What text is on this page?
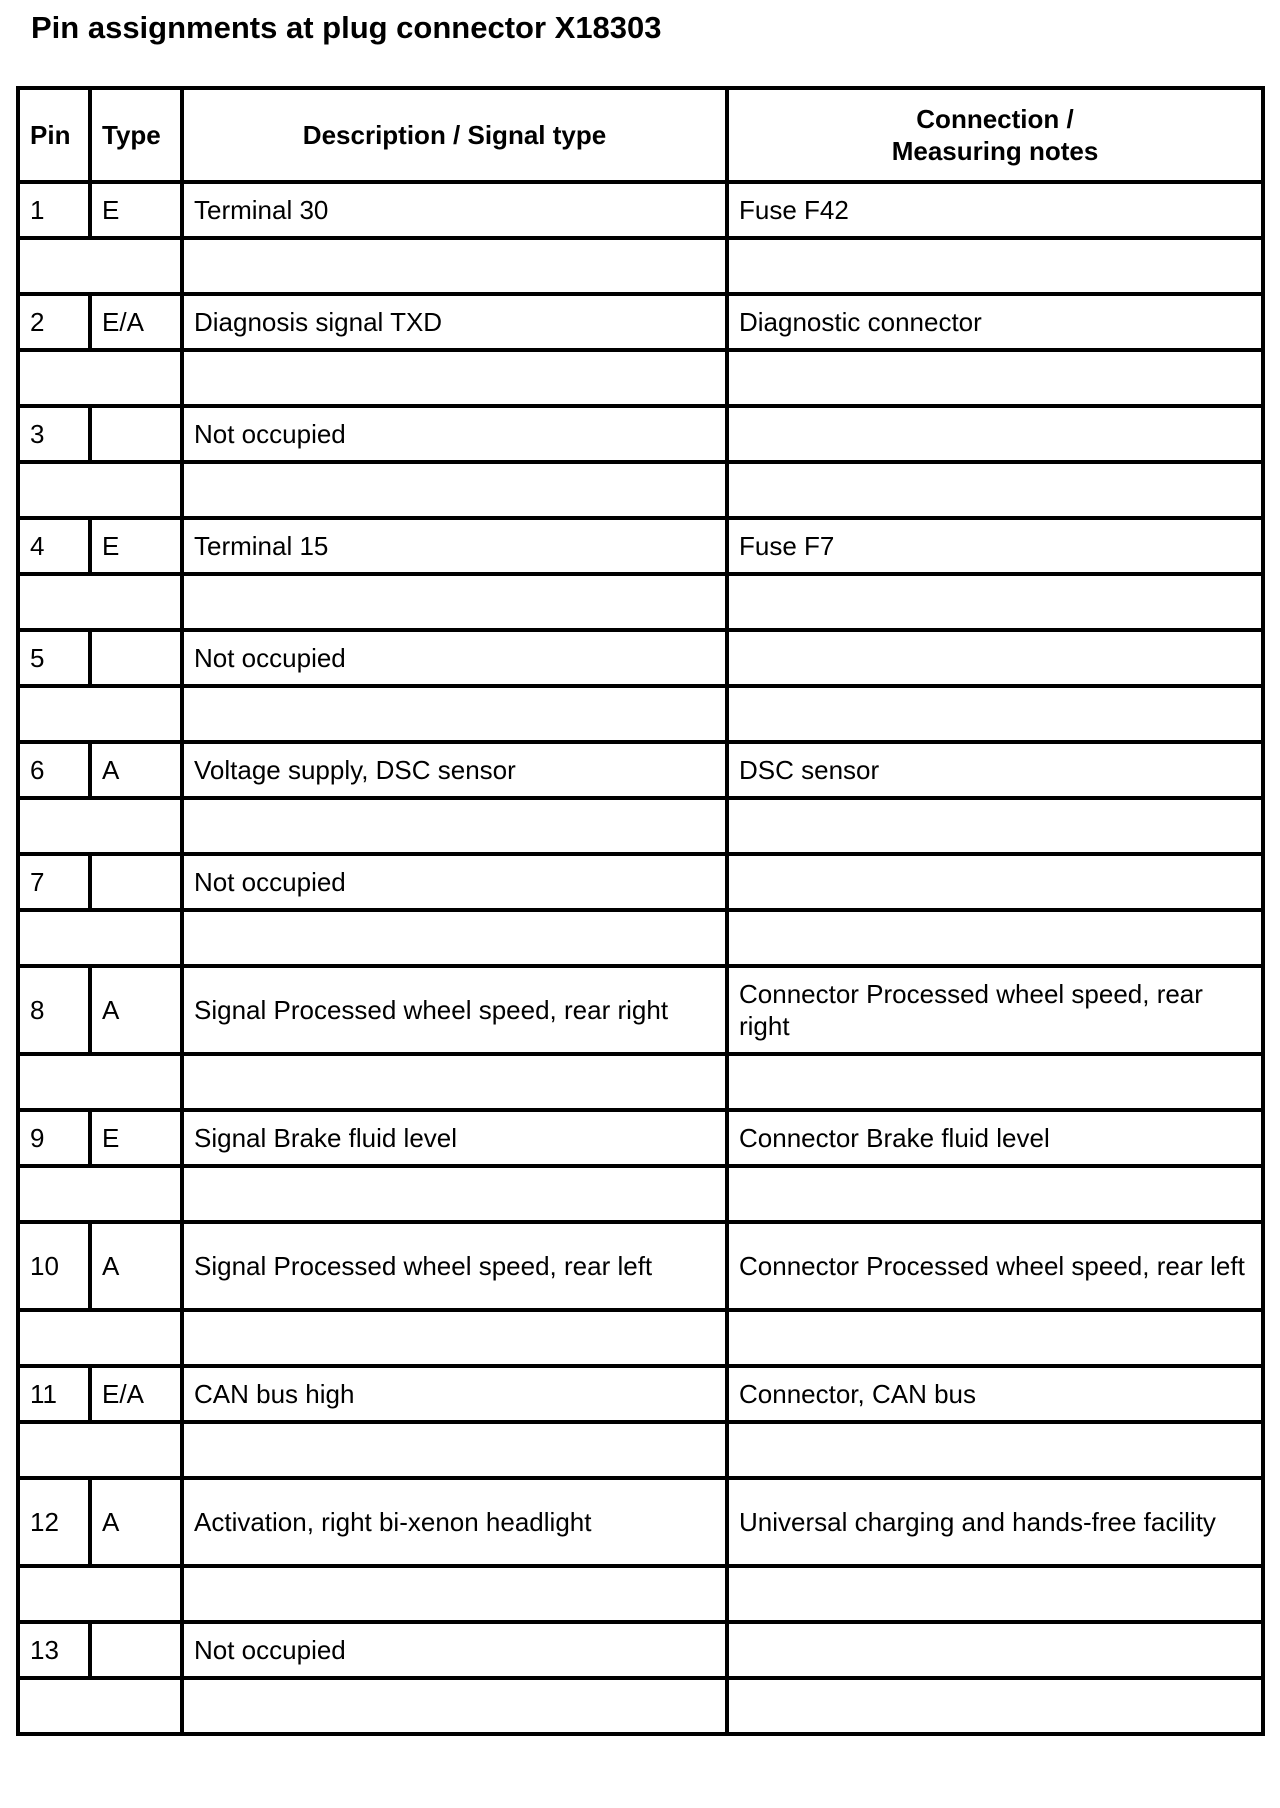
Pin assignments at plug connector X18303
Pin	Type	Description / Signal type	Connection /
Measuring notes
1	E	Terminal 30	Fuse F42

2	E/A	Diagnosis signal TXD	Diagnostic connector

3		Not occupied	

4	E	Terminal 15	Fuse F7

5		Not occupied	

6	A	Voltage supply, DSC sensor	DSC sensor

7		Not occupied	

8	A	Signal Processed wheel speed, rear right	Connector Processed wheel speed, rear right

9	E	Signal Brake fluid level	Connector Brake fluid level

10	A	Signal Processed wheel speed, rear left	Connector Processed wheel speed, rear left

11	E/A	CAN bus high	Connector, CAN bus

12	A	Activation, right bi-xenon headlight	Universal charging and hands-free facility

13		Not occupied	
